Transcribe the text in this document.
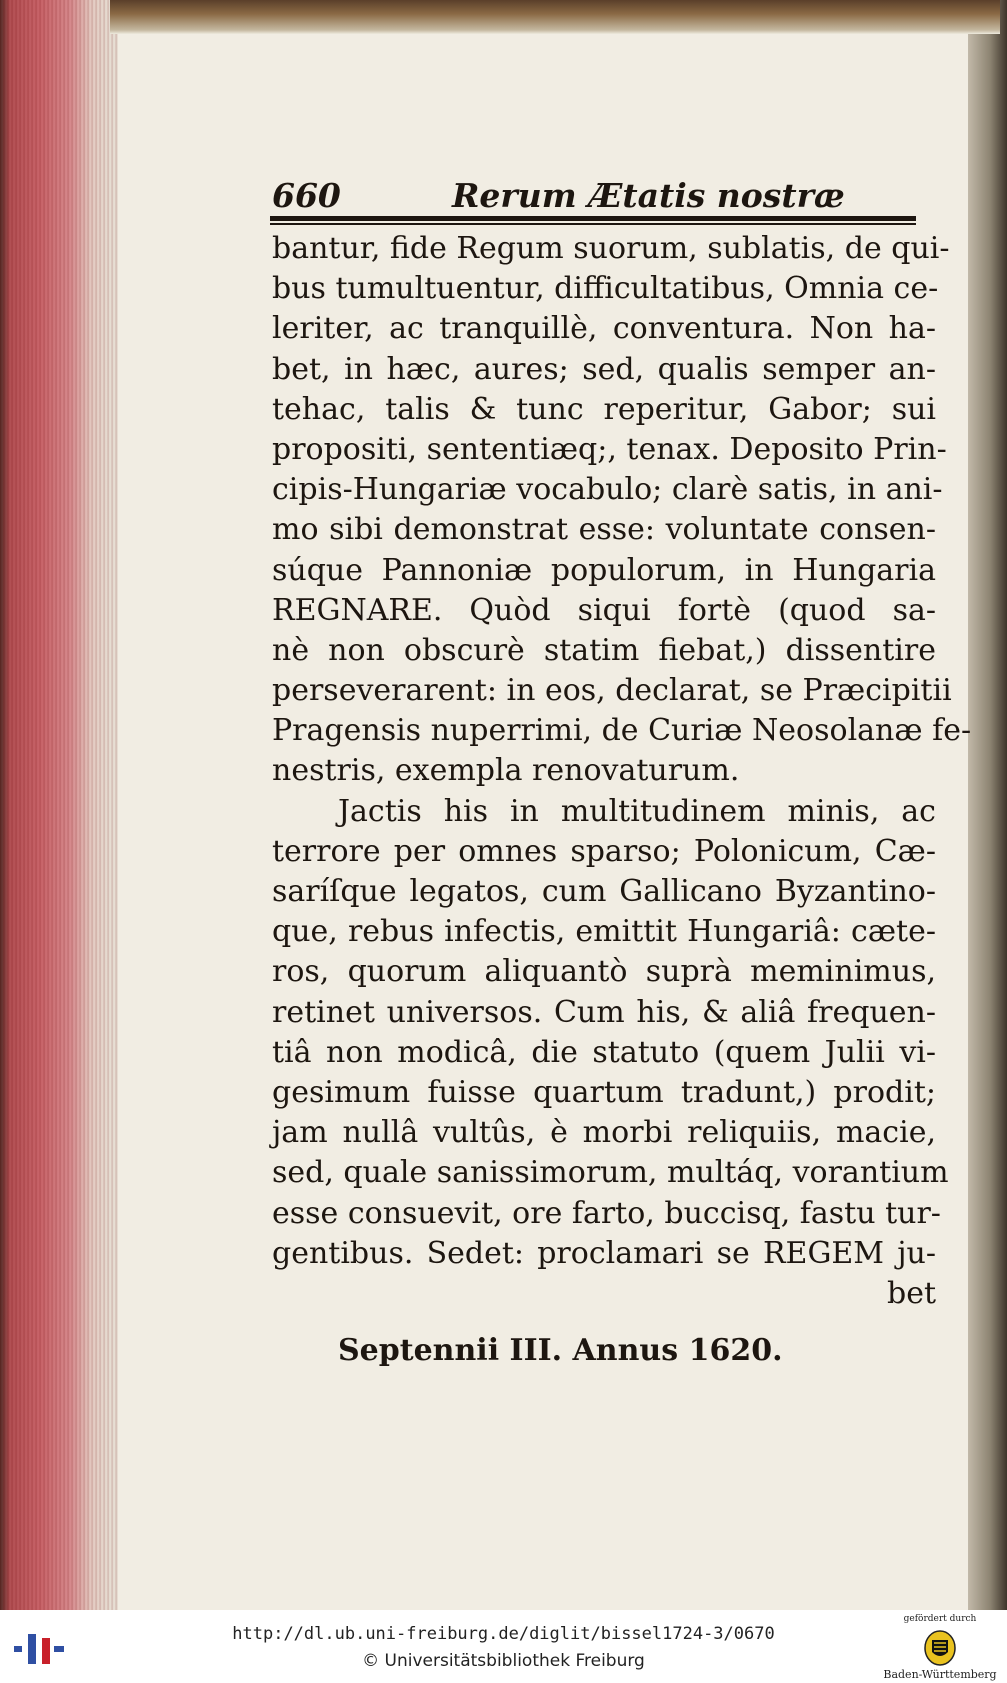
660	Rerum Ætatis nostræ
bantur, fide Regum suorum, sublatis, de qui-
bus tumultuentur, difficultatibus, Omnia ce-
leriter, ac tranquillè, conventura. Non ha-
bet, in hæc, aures; sed, qualis semper an-
tehac, talis & tunc reperitur, Gabor; sui
propositi, sententiæq;, tenax. Deposito Prin-
cipis-Hungariæ vocabulo; clarè satis, in ani-
mo sibi demonstrat esse: voluntate consen-
súque Pannoniæ populorum, in Hungaria
REGNARE. Quòd siqui fortè (quod sa-
nè non obscurè statim fiebat,) dissentire
perseverarent: in eos, declarat, se Præcipitii
Pragensis nuperrimi, de Curiæ Neosolanæ fe-
nestris, exempla renovaturum.
Jactis his in multitudinem minis, ac
terrore per omnes sparso; Polonicum, Cæ-
saríſque legatos, cum Gallicano Byzantino-
que, rebus infectis, emittit Hungariâ: cæte-
ros, quorum aliquantò suprà meminimus,
retinet universos. Cum his, & aliâ frequen-
tiâ non modicâ, die statuto (quem Julii vi-
gesimum fuisse quartum tradunt,) prodit;
jam nullâ vultûs, è morbi reliquiis, macie,
sed, quale sanissimorum, multáq, vorantium
esse consuevit, ore farto, buccisq, fastu tur-
gentibus. Sedet: proclamari se REGEM ju-
bet
Septennii III. Annus 1620.
http://dl.ub.uni-freiburg.de/diglit/bissel1724-3/0670
© Universitätsbibliothek Freiburg
gefördert durch
Baden-Württemberg
